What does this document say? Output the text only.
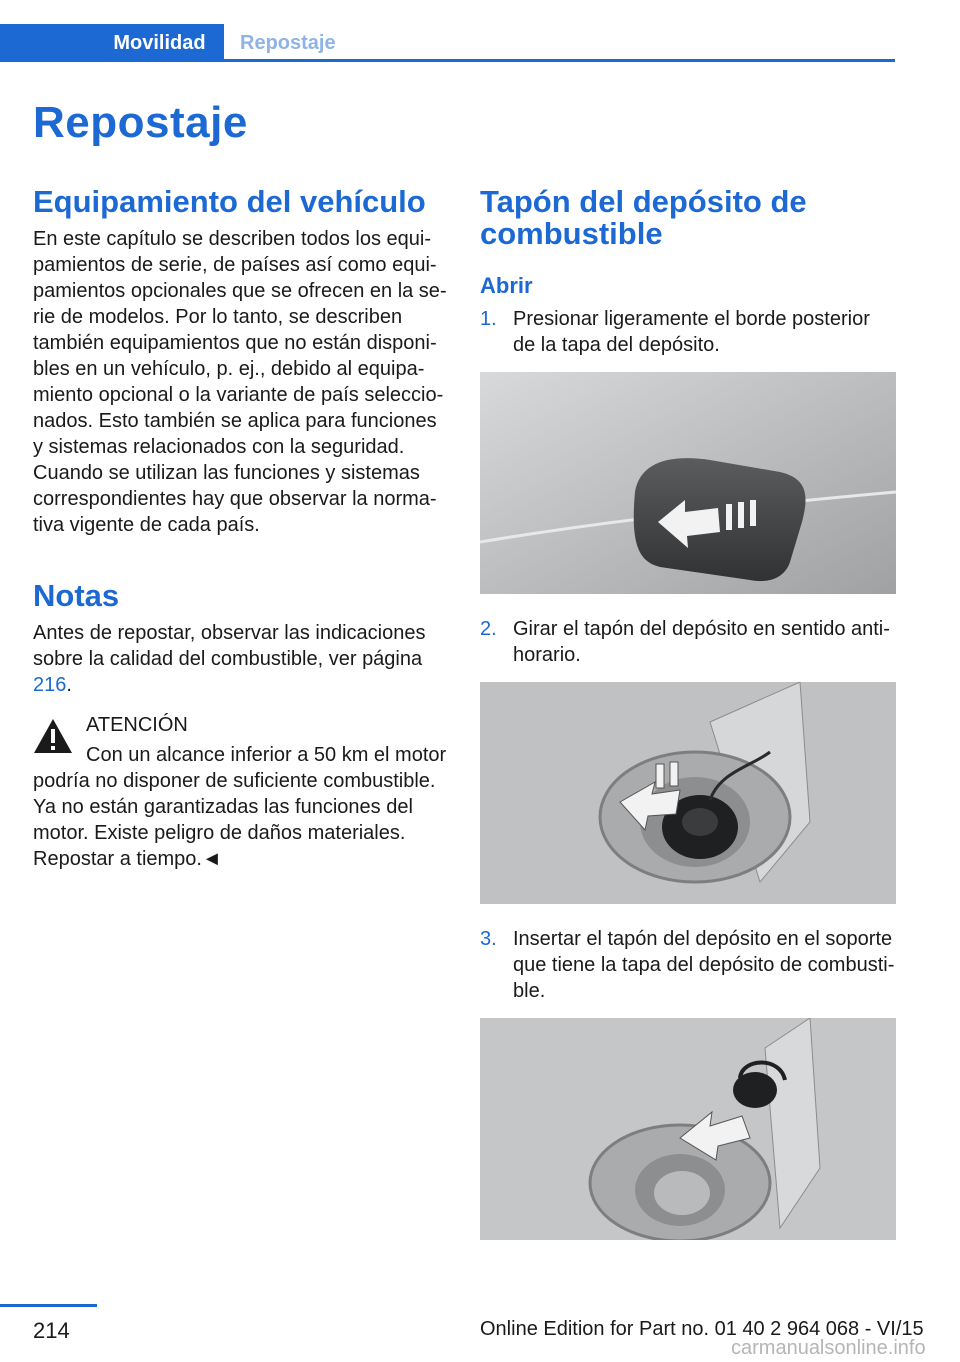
Movilidad Repostaje
Repostaje
Equipamiento del vehículo

En este capítulo se describen todos los equipamientos de serie, de países así como equipamientos opcionales que se ofrecen en la serie de modelos. Por lo tanto, se describen también equipamientos que no están disponibles en un vehículo, p. ej., debido al equipamiento opcional o la variante de país seleccionados. Esto también se aplica para funciones y sistemas relacionados con la seguridad. Cuando se utilizan las funciones y sistemas correspondientes hay que observar la normativa vigente de cada país.

Notas

Antes de repostar, observar las indicaciones sobre la calidad del combustible, ver página 216.

ATENCIÓN

Con un alcance inferior a 50 km el motor

podría no disponer de suficiente combustible. Ya no están garantizadas las funciones del motor. Existe peligro de daños materiales. Repostar a tiempo.◄

Tapón del depósito de combustible
Abrir
1. Presionar ligeramente el borde posterior de la tapa del depósito.
2. Girar el tapón del depósito en sentido antihorario.
3. Insertar el tapón del depósito en el soporte que tiene la tapa del depósito de combustible.
214	Online Edition for Part no. 01 40 2 964 068 - VI/15
carmanualsonline.info
